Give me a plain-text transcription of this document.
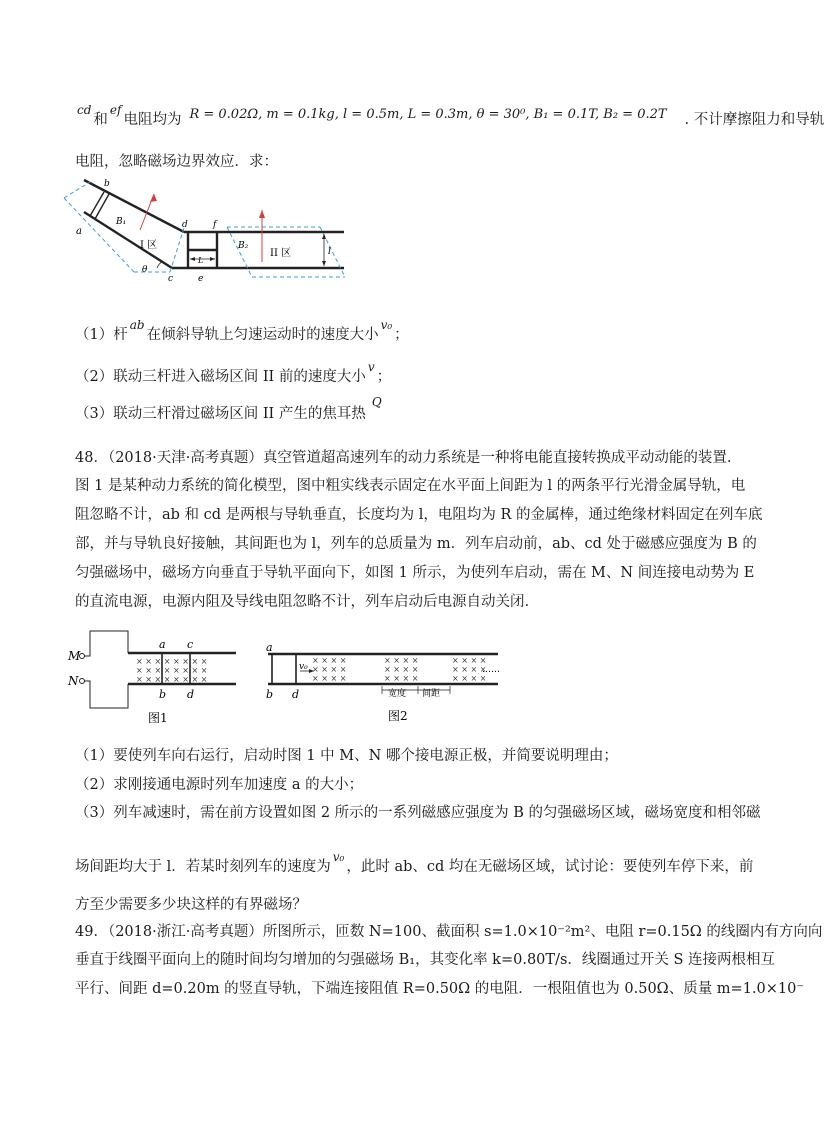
$^{cd}$和$^{ef}$电阻均为 R = 0.02Ω, m = 0.1kg, l = 0.5m, L = 0.3m, θ = 30⁰, B₁ = 0.1T, B₂ = 0.2T . 不计摩擦阻力和导轨
电阻，忽略磁场边界效应．求：
b
a
B₁
I 区
d	f
L
c	e
θ
B₂
II 区	l
（1）杆$^{ab}$在倾斜导轨上匀速运动时的速度大小$^{v_0}$；
（2）联动三杆进入磁场区间 II 前的速度大小$^v$；
（3）联动三杆滑过磁场区间 II 产生的焦耳热$^Q$
48．（2018·天津·高考真题）真空管道超高速列车的动力系统是一种将电能直接转换成平动动能的装置.
图 1 是某种动力系统的简化模型，图中粗实线表示固定在水平面上间距为 l 的两条平行光滑金属导轨，电
阻忽略不计，ab 和 cd 是两根与导轨垂直，长度均为 l，电阻均为 R 的金属棒，通过绝缘材料固定在列车底
部，并与导轨良好接触，其间距也为 l，列车的总质量为 m．列车启动前，ab、cd 处于磁感应强度为 B 的
匀强磁场中，磁场方向垂直于导轨平面向下，如图 1 所示，为使列车启动，需在 M、N 间连接电动势为 E
的直流电源，电源内阻及导线电阻忽略不计，列车启动后电源自动关闭.
× × × × × × × ×
× × × × × × × ×
× × × × × × × ×
M
N
a c
b d
图1
× × × ×
× × × ×
× × × ×
× × × ×
× × × ×
× × × ×
× × × ×
× × × ×
× × × ×
a
b d
v₀
宽度 间距
……
图2
（1）要使列车向右运行，启动时图 1 中 M、N 哪个接电源正极，并简要说明理由；
（2）求刚接通电源时列车加速度 a 的大小；
（3）列车减速时，需在前方设置如图 2 所示的一系列磁感应强度为 B 的匀强磁场区域，磁场宽度和相邻磁
场间距均大于 l．若某时刻列车的速度为$^{v_0}$，此时 ab、cd 均在无磁场区域，试讨论：要使列车停下来，前
方至少需要多少块这样的有界磁场？
49．（2018·浙江·高考真题）所图所示，匝数 N=100、截面积 s=1.0×10⁻²m²、电阻 r=0.15Ω 的线圈内有方向向
垂直于线圈平面向上的随时间均匀增加的匀强磁场 B₁，其变化率 k=0.80T/s．线圈通过开关 S 连接两根相互
平行、间距 d=0.20m 的竖直导轨，下端连接阻值 R=0.50Ω 的电阻．一根阻值也为 0.50Ω、质量 m=1.0×10⁻
